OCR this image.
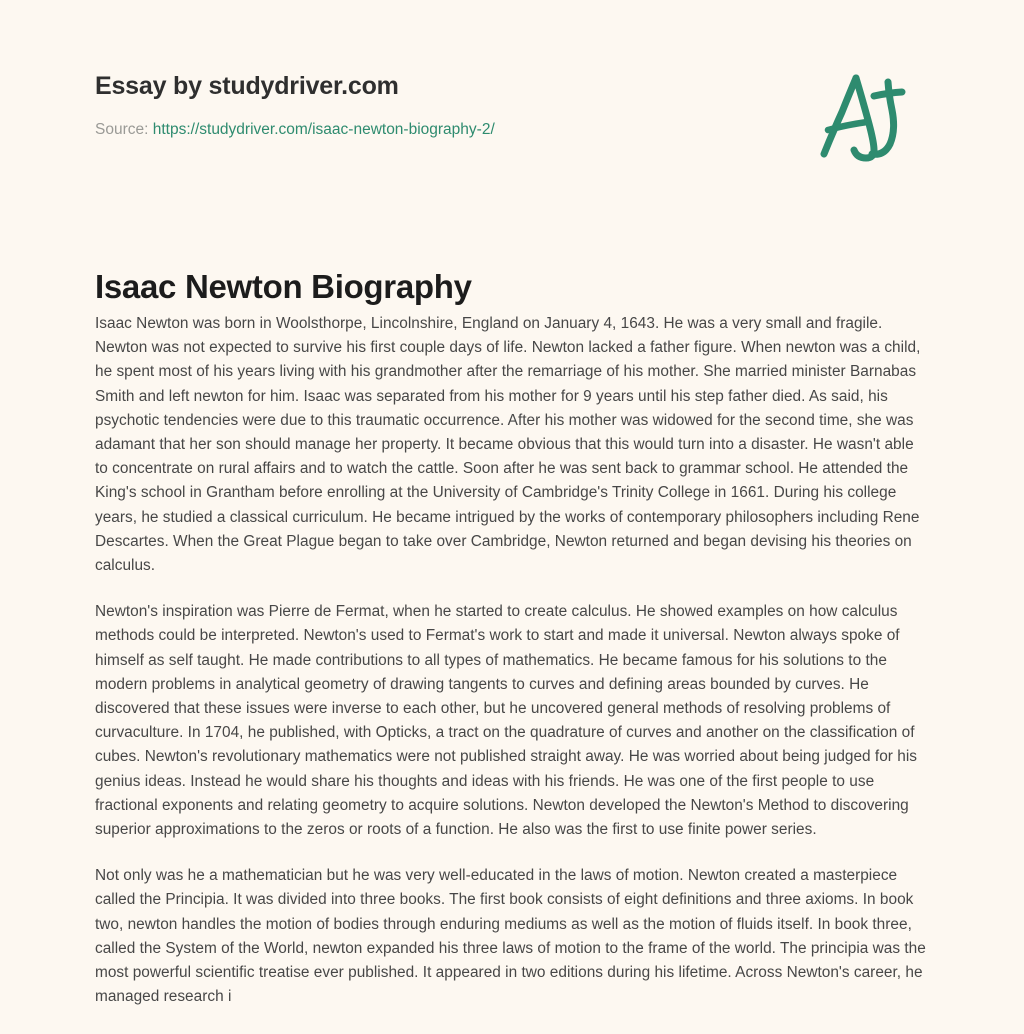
Essay by studydriver.com
Source: https://studydriver.com/isaac-newton-biography-2/
Isaac Newton Biography

Isaac Newton was born in Woolsthorpe, Lincolnshire, England on January 4, 1643. He was a very small and fragile. Newton was not expected to survive his first couple days of life. Newton lacked a father figure. When newton was a child, he spent most of his years living with his grandmother after the remarriage of his mother. She married minister Barnabas Smith and left newton for him. Isaac was separated from his mother for 9 years until his step father died. As said, his psychotic tendencies were due to this traumatic occurrence. After his mother was widowed for the second time, she was adamant that her son should manage her property. It became obvious that this would turn into a disaster. He wasn't able to concentrate on rural affairs and to watch the cattle. Soon after he was sent back to grammar school. He attended the King's school in Grantham before enrolling at the University of Cambridge's Trinity College in 1661. During his college years, he studied a classical curriculum. He became intrigued by the works of contemporary philosophers including Rene Descartes. When the Great Plague began to take over Cambridge, Newton returned and began devising his theories on calculus.

Newton's inspiration was Pierre de Fermat, when he started to create calculus. He showed examples on how calculus methods could be interpreted. Newton's used to Fermat's work to start and made it universal. Newton always spoke of himself as self taught. He made contributions to all types of mathematics. He became famous for his solutions to the modern problems in analytical geometry of drawing tangents to curves and defining areas bounded by curves. He discovered that these issues were inverse to each other, but he uncovered general methods of resolving problems of curvaculture. In 1704, he published, with Opticks, a tract on the quadrature of curves and another on the classification of cubes. Newton's revolutionary mathematics were not published straight away. He was worried about being judged for his genius ideas. Instead he would share his thoughts and ideas with his friends. He was one of the first people to use fractional exponents and relating geometry to acquire solutions. Newton developed the Newton's Method to discovering superior approximations to the zeros or roots of a function. He also was the first to use finite power series.

Not only was he a mathematician but he was very well-educated in the laws of motion. Newton created a masterpiece called the Principia. It was divided into three books. The first book consists of eight definitions and three axioms. In book two, newton handles the motion of bodies through enduring mediums as well as the motion of fluids itself. In book three, called the System of the World, newton expanded his three laws of motion to the frame of the world. The principia was the most powerful scientific treatise ever published. It appeared in two editions during his lifetime. Across Newton's career, he managed research i
